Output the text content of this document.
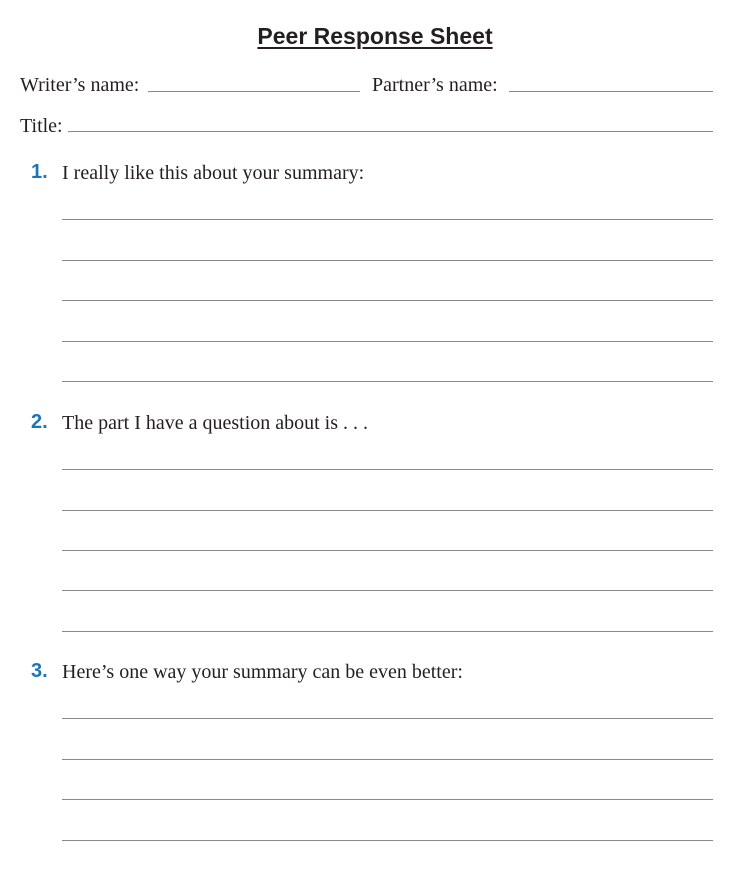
Peer Response Sheet
Writer’s name:	Partner’s name:
Title:
1. I really like this about your summary:
2. The part I have a question about is . . .
3. Here’s one way your summary can be even better:
